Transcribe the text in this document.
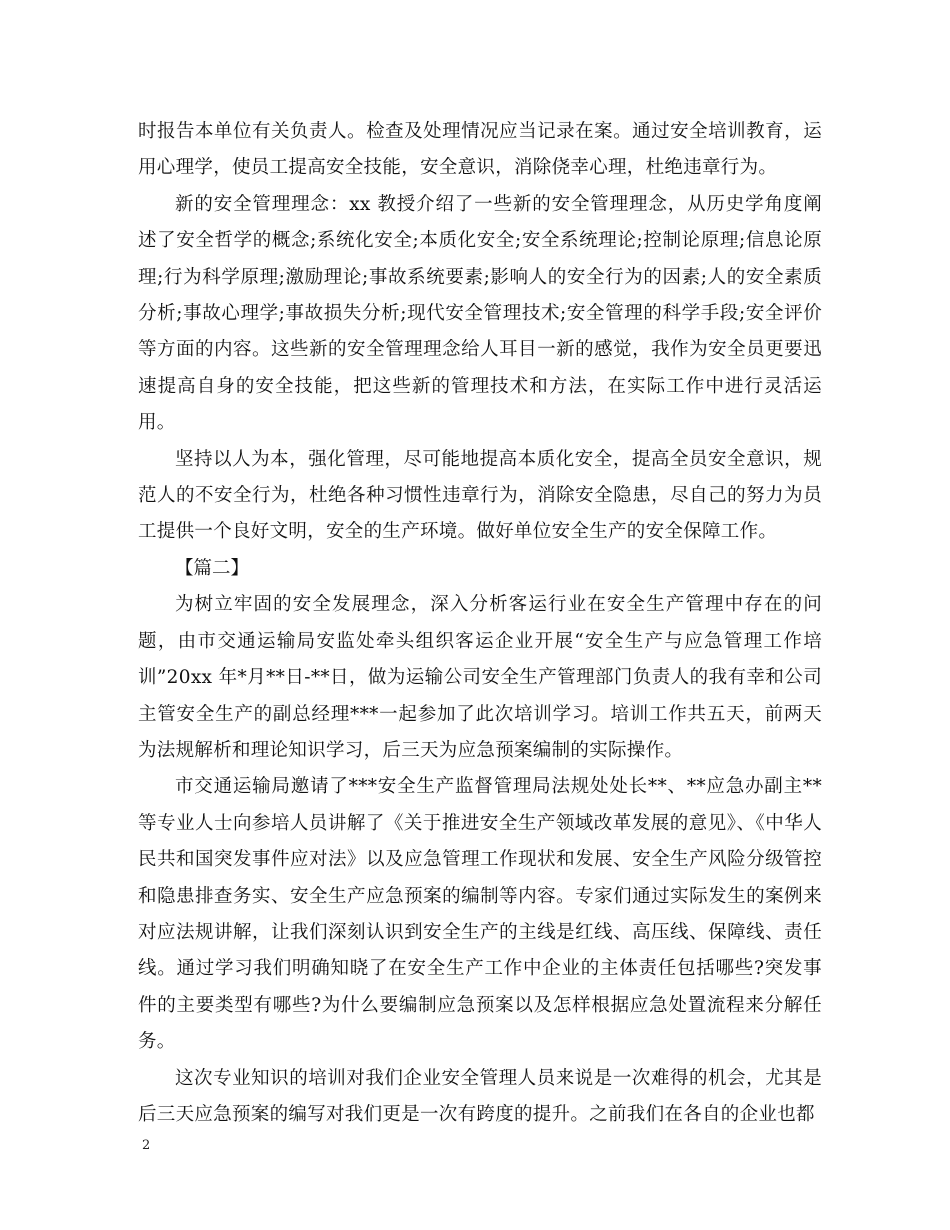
时报告本单位有关负责人。检查及处理情况应当记录在案。通过安全培训教育，运用心理学，使员工提高安全技能，安全意识，消除侥幸心理，杜绝违章行为。

新的安全管理理念：xx 教授介绍了一些新的安全管理理念，从历史学角度阐述了安全哲学的概念;系统化安全;本质化安全;安全系统理论;控制论原理;信息论原理;行为科学原理;激励理论;事故系统要素;影响人的安全行为的因素;人的安全素质分析;事故心理学;事故损失分析;现代安全管理技术;安全管理的科学手段;安全评价等方面的内容。这些新的安全管理理念给人耳目一新的感觉，我作为安全员更要迅速提高自身的安全技能，把这些新的管理技术和方法，在实际工作中进行灵活运用。

坚持以人为本，强化管理，尽可能地提高本质化安全，提高全员安全意识，规范人的不安全行为，杜绝各种习惯性违章行为，消除安全隐患，尽自己的努力为员工提供一个良好文明，安全的生产环境。做好单位安全生产的安全保障工作。

【篇二】

为树立牢固的安全发展理念，深入分析客运行业在安全生产管理中存在的问题，由市交通运输局安监处牵头组织客运企业开展“安全生产与应急管理工作培训”20xx 年*月**日-**日，做为运输公司安全生产管理部门负责人的我有幸和公司主管安全生产的副总经理***一起参加了此次培训学习。培训工作共五天，前两天为法规解析和理论知识学习，后三天为应急预案编制的实际操作。

市交通运输局邀请了***安全生产监督管理局法规处处长**、**应急办副主**等专业人士向参培人员讲解了《关于推进安全生产领域改革发展的意见》、《中华人民共和国突发事件应对法》以及应急管理工作现状和发展、安全生产风险分级管控和隐患排查务实、安全生产应急预案的编制等内容。专家们通过实际发生的案例来对应法规讲解，让我们深刻认识到安全生产的主线是红线、高压线、保障线、责任线。通过学习我们明确知晓了在安全生产工作中企业的主体责任包括哪些?突发事件的主要类型有哪些?为什么要编制应急预案以及怎样根据应急处置流程来分解任务。

这次专业知识的培训对我们企业安全管理人员来说是一次难得的机会，尤其是后三天应急预案的编写对我们更是一次有跨度的提升。之前我们在各自的企业也都

2
